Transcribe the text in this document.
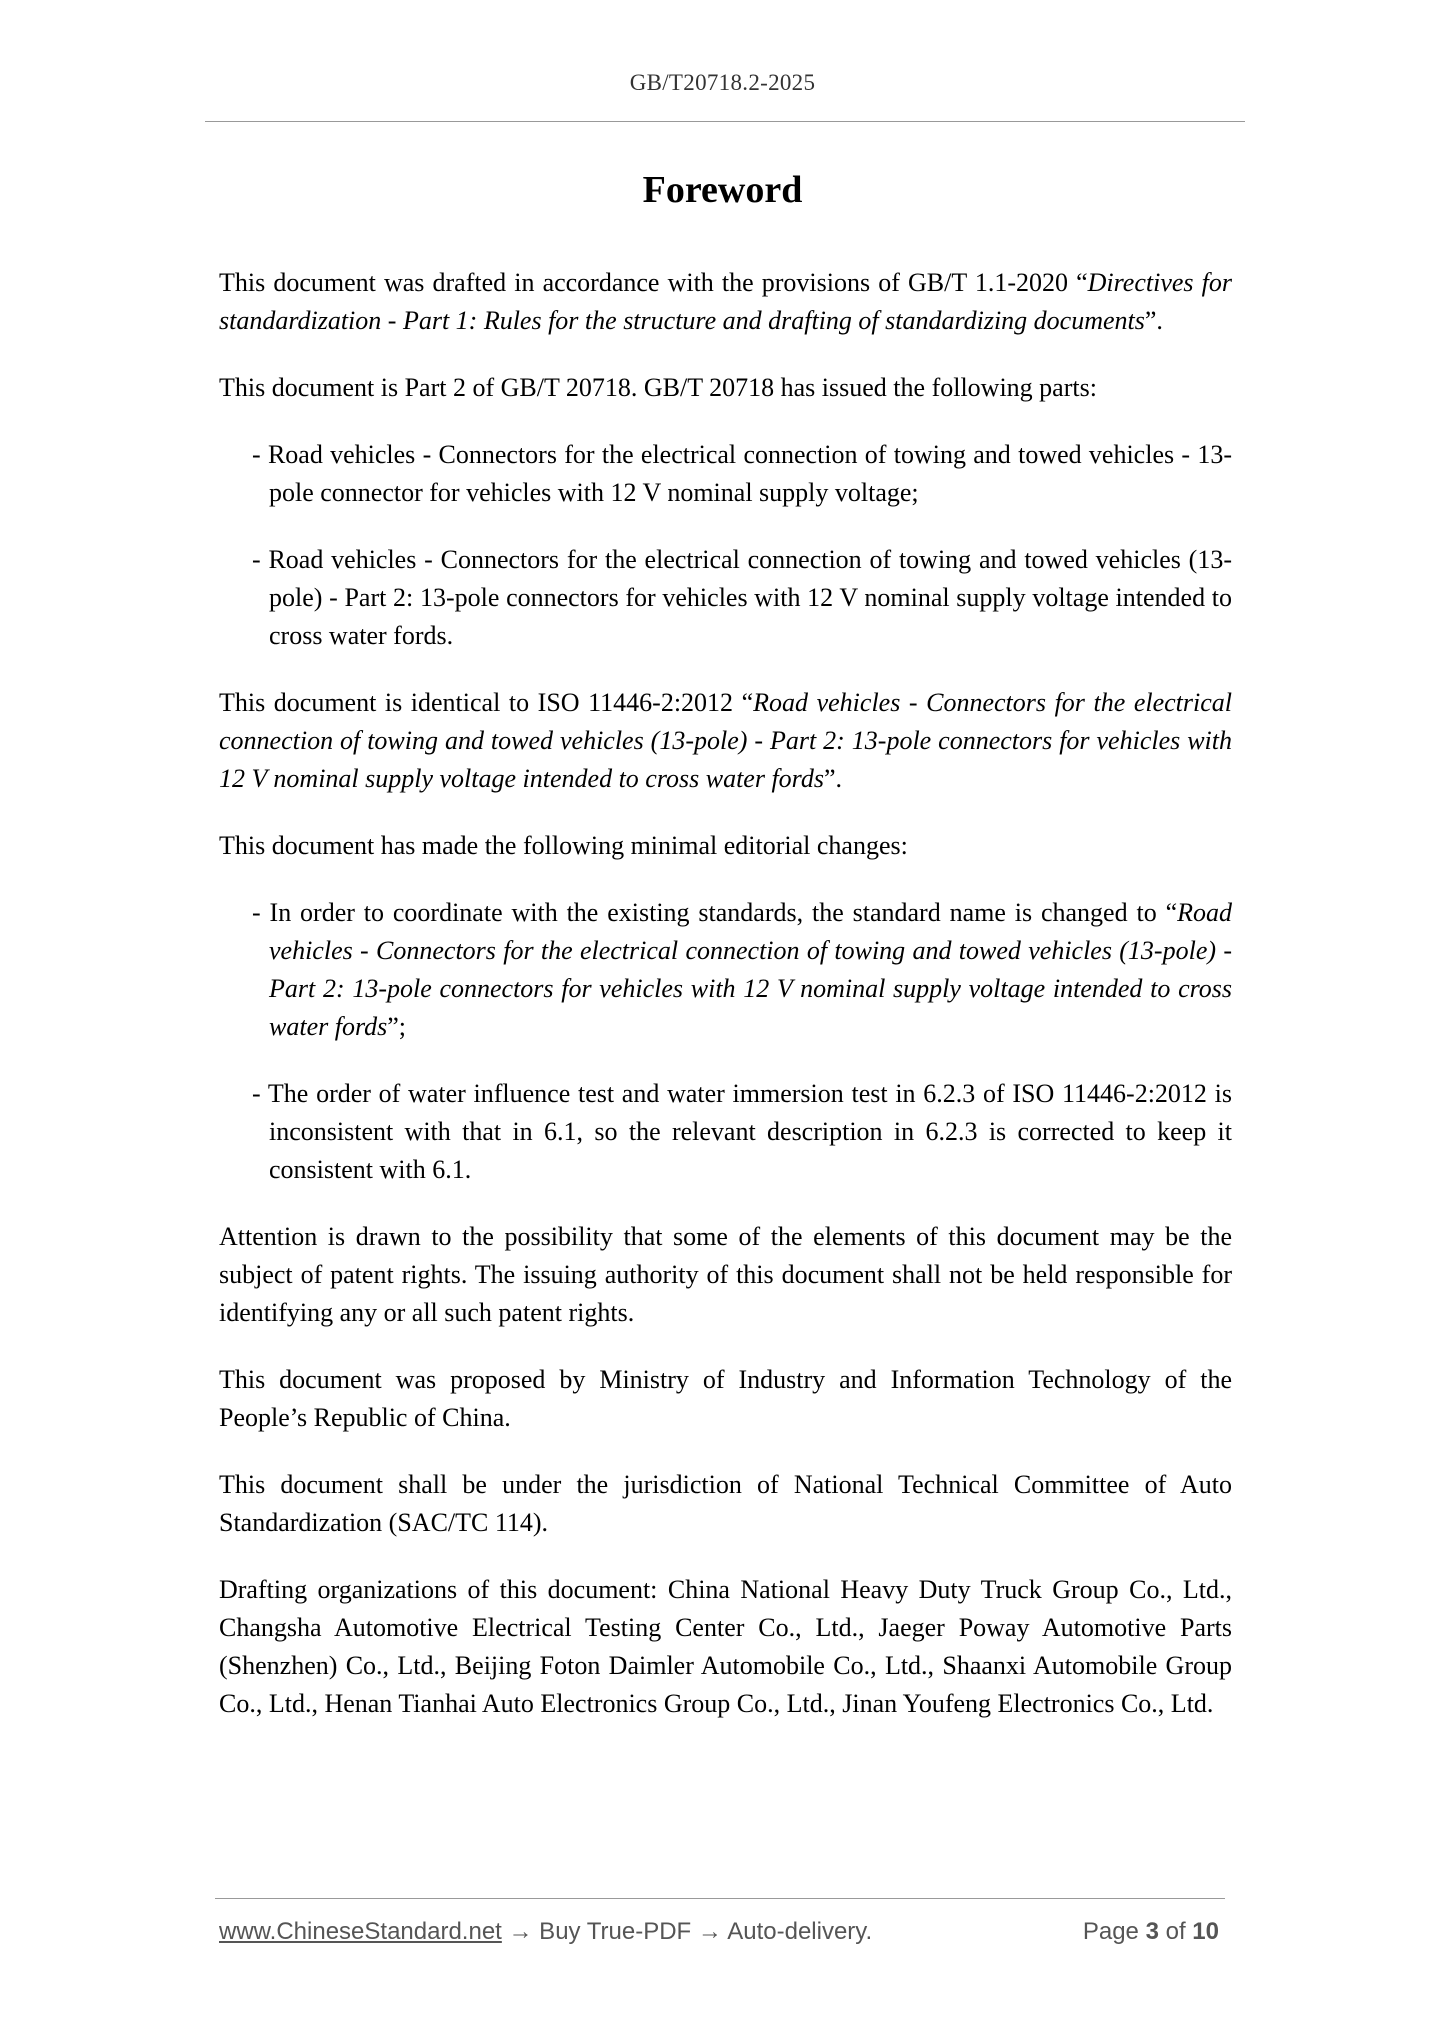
GB/T20718.2-2025
Foreword

This document was drafted in accordance with the provisions of GB/T 1.1-2020 “Directives for standardization - Part 1: Rules for the structure and drafting of standardizing documents”.

This document is Part 2 of GB/T 20718. GB/T 20718 has issued the following parts:

- Road vehicles - Connectors for the electrical connection of towing and towed vehicles - 13-pole connector for vehicles with 12 V nominal supply voltage;

- Road vehicles - Connectors for the electrical connection of towing and towed vehicles (13-pole) - Part 2: 13-pole connectors for vehicles with 12 V nominal supply voltage intended to cross water fords.

This document is identical to ISO 11446-2:2012 “Road vehicles - Connectors for the electrical connection of towing and towed vehicles (13-pole) - Part 2: 13-pole connectors for vehicles with 12 V nominal supply voltage intended to cross water fords”.

This document has made the following minimal editorial changes:

- In order to coordinate with the existing standards, the standard name is changed to “Road vehicles - Connectors for the electrical connection of towing and towed vehicles (13-pole) - Part 2: 13-pole connectors for vehicles with 12 V nominal supply voltage intended to cross water fords”;

- The order of water influence test and water immersion test in 6.2.3 of ISO 11446-2:2012 is inconsistent with that in 6.1, so the relevant description in 6.2.3 is corrected to keep it consistent with 6.1.

Attention is drawn to the possibility that some of the elements of this document may be the subject of patent rights. The issuing authority of this document shall not be held responsible for identifying any or all such patent rights.

This document was proposed by Ministry of Industry and Information Technology of the People’s Republic of China.

This document shall be under the jurisdiction of National Technical Committee of Auto Standardization (SAC/TC 114).

Drafting organizations of this document: China National Heavy Duty Truck Group Co., Ltd., Changsha Automotive Electrical Testing Center Co., Ltd., Jaeger Poway Automotive Parts (Shenzhen) Co., Ltd., Beijing Foton Daimler Automobile Co., Ltd., Shaanxi Automobile Group Co., Ltd., Henan Tianhai Auto Electronics Group Co., Ltd., Jinan Youfeng Electronics Co., Ltd.

www.ChineseStandard.net → Buy True-PDF → Auto-delivery.	Page 3 of 10
